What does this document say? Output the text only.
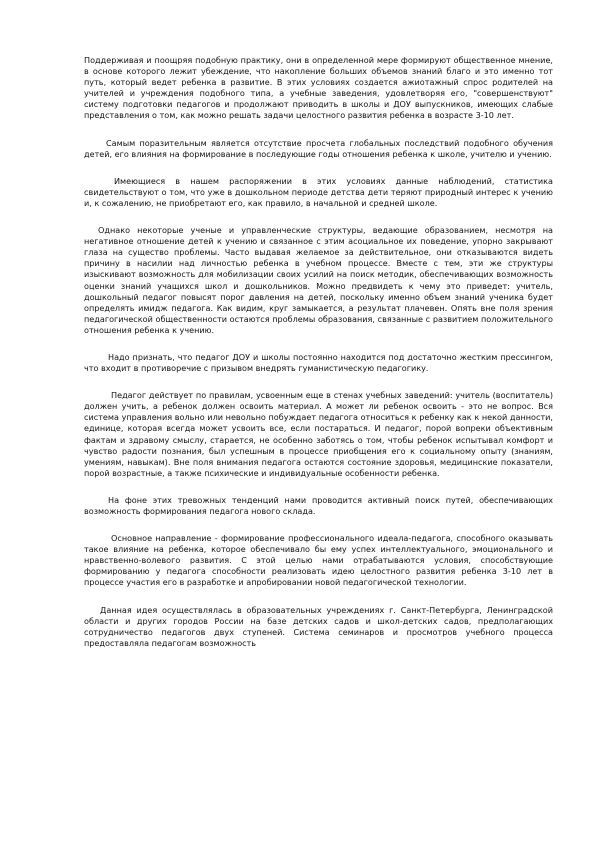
Поддерживая и поощряя подобную практику, они в определенной мере формируют общественное мнение, в основе которого лежит убеждение, что накопление больших объемов знаний благо и это именно тот путь, который ведет ребенка в развитие. В этих условиях создается ажиотажный спрос родителей на учителей и учреждения подобного типа, а учебные заведения, удовлетворяя его, "совершенствуют" систему подготовки педагогов и продолжают приводить в школы и ДОУ выпускников, имеющих слабые представления о том, как можно решать задачи целостного развития ребенка в возрасте 3-10 лет.

Самым поразительным является отсутствие просчета глобальных последствий подобного обучения детей, его влияния на формирование в последующие годы отношения ребенка к школе, учителю и учению.

Имеющиеся в нашем распоряжении в этих условиях данные наблюдений, статистика свидетельствуют о том, что уже в дошкольном периоде детства дети теряют природный интерес к учению и, к сожалению, не приобретают его, как правило, в начальной и средней школе.

Однако некоторые ученые и управленческие структуры, ведающие образованием, несмотря на негативное отношение детей к учению и связанное с этим асоциальное их поведение, упорно закрывают глаза на существо проблемы. Часто выдавая желаемое за действительное, они отказываются видеть причину в насилии над личностью ребенка в учебном процессе. Вместе с тем, эти же структуры изыскивают возможность для мобилизации своих усилий на поиск методик, обеспечивающих возможность оценки знаний учащихся школ и дошкольников. Можно предвидеть к чему это приведет: учитель, дошкольный педагог повысят порог давления на детей, поскольку именно объем знаний ученика будет определять имидж педагога. Как видим, круг замыкается, а результат плачевен. Опять вне поля зрения педагогической общественности остаются проблемы образования, связанные с развитием положительного отношения ребенка к учению.

Надо признать, что педагог ДОУ и школы постоянно находится под достаточно жестким прессингом, что входит в противоречие с призывом внедрять гуманистическую педагогику.

Педагог действует по правилам, усвоенным еще в стенах учебных заведений: учитель (воспитатель) должен учить, а ребенок должен освоить материал. А может ли ребенок освоить - это не вопрос. Вся система управления вольно или невольно побуждает педагога относиться к ребенку как к некой данности, единице, которая всегда может усвоить все, если постараться. И педагог, порой вопреки объективным фактам и здравому смыслу, старается, не особенно заботясь о том, чтобы ребенок испытывал комфорт и чувство радости познания, был успешным в процессе приобщения его к социальному опыту (знаниям, умениям, навыкам). Вне поля внимания педагога остаются состояние здоровья, медицинские показатели, порой возрастные, а также психические и индивидуальные особенности ребенка.

На фоне этих тревожных тенденций нами проводится активный поиск путей, обеспечивающих возможность формирования педагога нового склада.

Основное направление - формирование профессионального идеала-педагога, способного оказывать такое влияние на ребенка, которое обеспечивало бы ему успех интеллектуального, эмоционального и нравственно-волевого развития. С этой целью нами отрабатываются условия, способствующие формированию у педагога способности реализовать идею целостного развития ребенка 3-10 лет в процессе участия его в разработке и апробировании новой педагогической технологии.

Данная идея осуществлялась в образовательных учреждениях г. Санкт-Петербурга, Ленинградской области и других городов России на базе детских садов и школ-детских садов, предполагающих сотрудничество педагогов двух ступеней. Система семинаров и просмотров учебного процесса предоставляла педагогам возможность
